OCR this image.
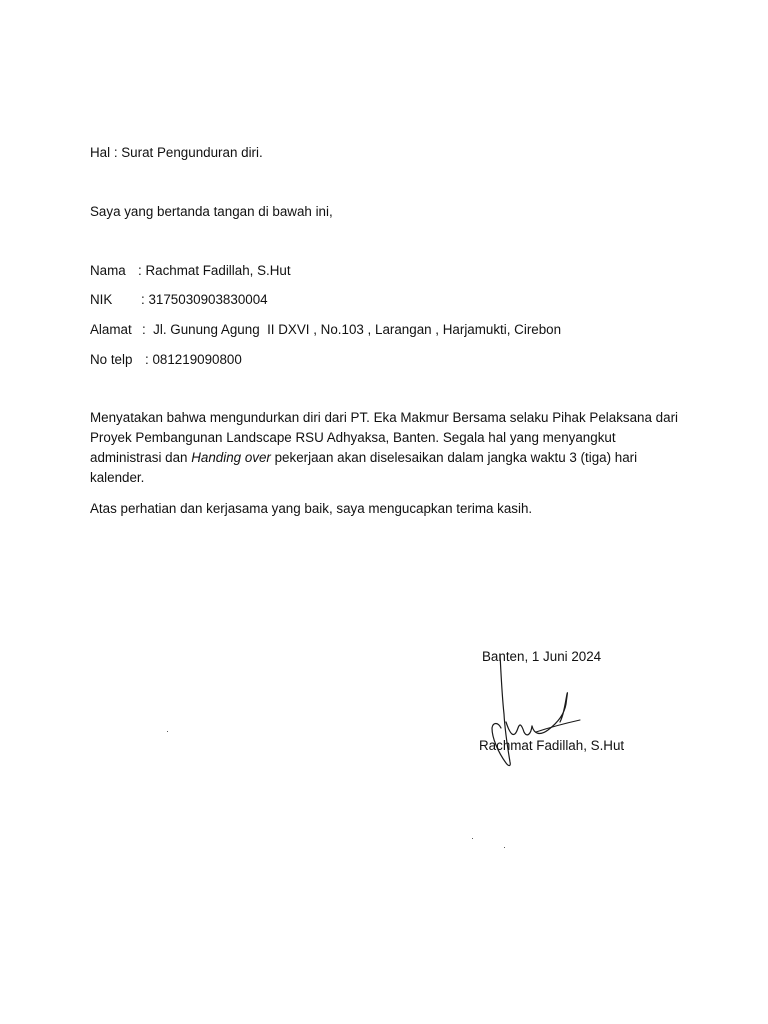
Hal : Surat Pengunduran diri.
Saya yang bertanda tangan di bawah ini,
Nama : Rachmat Fadillah, S.Hut
NIK : 3175030903830004
Alamat :  Jl. Gunung Agung  II DXVI , No.103 , Larangan , Harjamukti, Cirebon
No telp : 081219090800
Menyatakan bahwa mengundurkan diri dari PT. Eka Makmur Bersama selaku Pihak Pelaksana dari Proyek Pembangunan Landscape RSU Adhyaksa, Banten. Segala hal yang menyangkut administrasi dan Handing over pekerjaan akan diselesaikan dalam jangka waktu 3 (tiga) hari kalender.
Atas perhatian dan kerjasama yang baik, saya mengucapkan terima kasih.
Banten, 1 Juni 2024
Rachmat Fadillah, S.Hut
